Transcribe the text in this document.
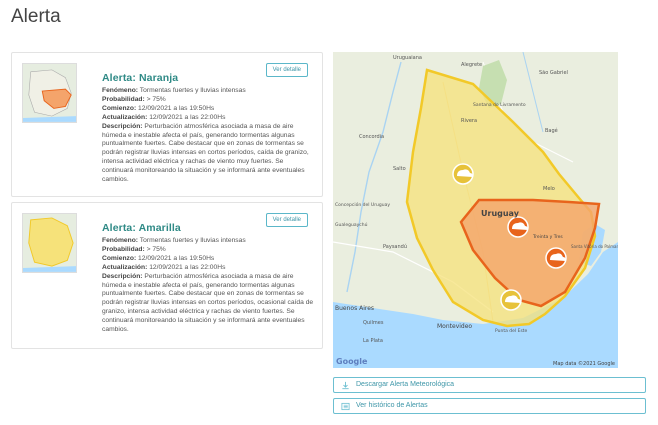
Alerta
Alerta: Naranja
Ver detalle
Fenómeno: Tormentas fuertes y lluvias intensas
Probabilidad: > 75%
Comienzo: 12/09/2021 a las 19:50Hs
Actualización: 12/09/2021 a las 22:00Hs
Descripción: Perturbación atmosférica asociada a masa de aire húmeda e inestable afecta el país, generando tormentas algunas puntualmente fuertes. Cabe destacar que en zonas de tormentas se podrán registrar lluvias intensas en cortos períodos, caída de granizo, intensa actividad eléctrica y rachas de viento muy fuertes. Se continuará monitoreando la situación y se informará ante eventuales cambios.
Alerta: Amarilla
Ver detalle
Fenómeno: Tormentas fuertes y lluvias intensas
Probabilidad: > 75%
Comienzo: 12/09/2021 a las 19:50Hs
Actualización: 12/09/2021 a las 22:00Hs
Descripción: Perturbación atmosférica asociada a masa de aire húmeda e inestable afecta el país, generando tormentas algunas puntualmente fuertes. Cabe destacar que en zonas de tormentas se podrán registrar lluvias intensas en cortos períodos, ocasional caída de granizo, intensa actividad eléctrica y rachas de viento fuertes. Se continuará monitoreando la situación y se informará ante eventuales cambios.
Uruguay
Uruguaiana
Alegrete
São Gabriel
Santana do Livramento
Bagé
Concordia
Concepción del Uruguay
Gualeguaychú
Buenos Aires
Quilmes
La Plata
Montevideo
Punta del Este
Melo
Treinta y Tres
Santa Vitória do Palmar
Rivera
Paysandú
Salto
Google	Map data ©2021 Google
Descargar Alerta Meteorológica
Ver histórico de Alertas
